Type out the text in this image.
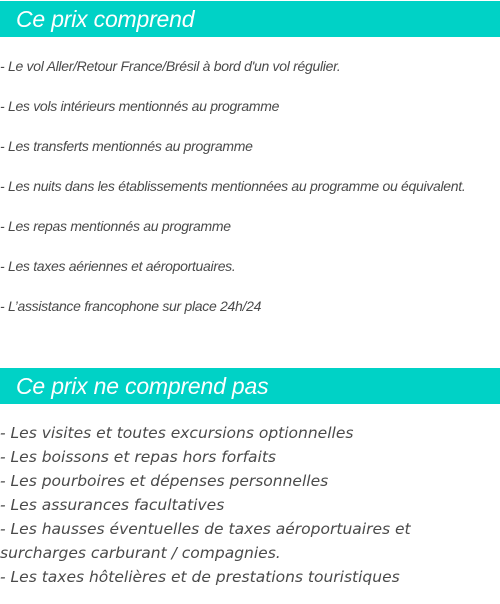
Ce prix comprend
- Le vol Aller/Retour France/Brésil à bord d'un vol régulier.
- Les vols intérieurs mentionnés au programme
- Les transferts mentionnés au programme
- Les nuits dans les établissements mentionnées au programme ou équivalent.
- Les repas mentionnés au programme
- Les taxes aériennes et aéroportuaires.
- L’assistance francophone sur place 24h/24
Ce prix ne comprend pas
- Les visites et toutes excursions optionnelles
- Les boissons et repas hors forfaits
- Les pourboires et dépenses personnelles
- Les assurances facultatives
- Les hausses éventuelles de taxes aéroportuaires et surcharges carburant / compagnies.
- Les taxes hôtelières et de prestations touristiques
